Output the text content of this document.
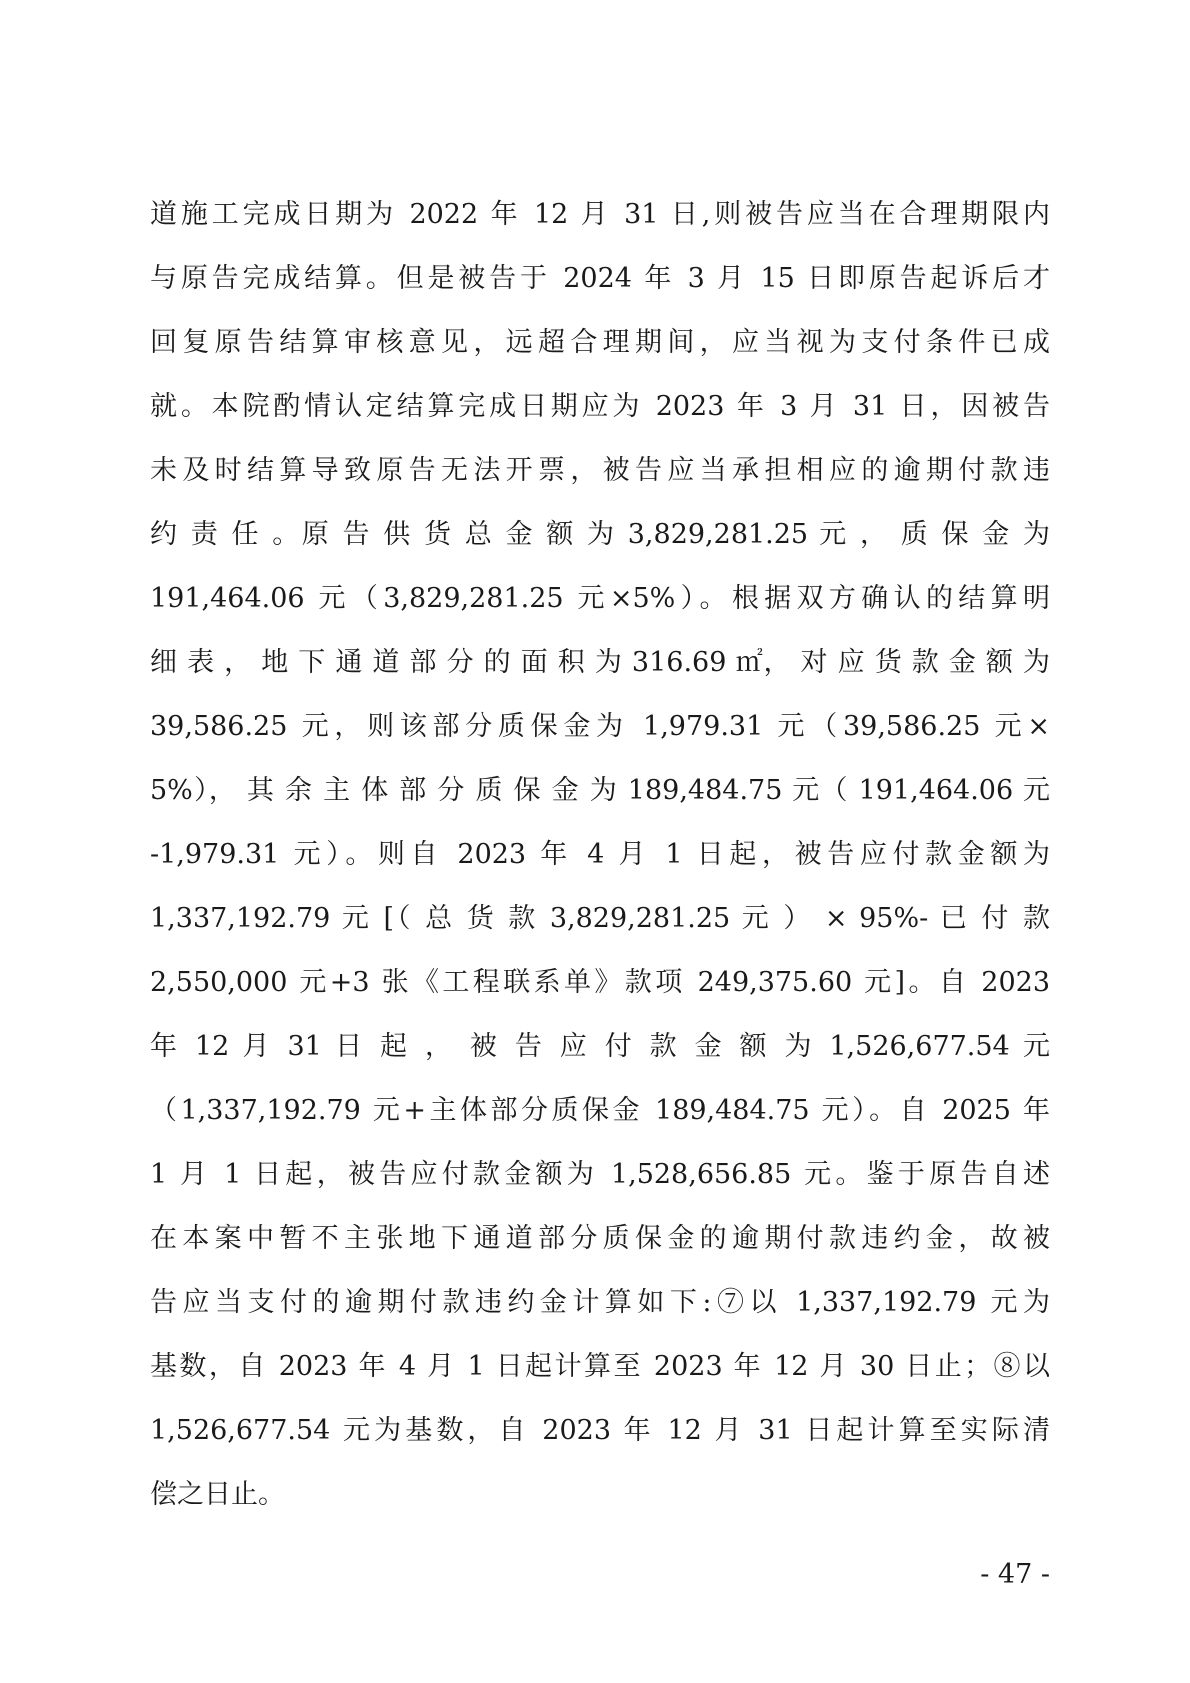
道施工完成日期为 2022 年 12 月 31 日,则被告应当在合理期限内
与原告完成结算。但是被告于 2024 年 3 月 15 日即原告起诉后才
回复原告结算审核意见，远超合理期间，应当视为支付条件已成
就。本院酌情认定结算完成日期应为 2023 年 3 月 31 日，因被告
未及时结算导致原告无法开票，被告应当承担相应的逾期付款违
约 责 任 。原 告 供 货 总 金 额 为 3,829,281.25 元 ， 质 保 金 为
191,464.06 元（3,829,281.25 元×5%）。根据双方确认的结算明
细 表 ， 地 下 通 道 部 分 的 面 积 为 316.69 ㎡， 对 应 货 款 金 额 为
39,586.25 元，则该部分质保金为 1,979.31 元（39,586.25 元×
5%）， 其 余 主 体 部 分 质 保 金 为 189,484.75 元（ 191,464.06 元
-1,979.31 元）。则自 2023 年 4 月 1 日起，被告应付款金额为
1,337,192.79 元 [（ 总 货 款 3,829,281.25 元 ） × 95%- 已 付 款
2,550,000 元+3 张《工程联系单》款项 249,375.60 元]。自 2023
年 12 月 31 日 起 ， 被 告 应 付 款 金 额 为 1,526,677.54 元
（1,337,192.79 元+主体部分质保金 189,484.75 元）。自 2025 年
1 月 1 日起，被告应付款金额为 1,528,656.85 元。鉴于原告自述
在本案中暂不主张地下通道部分质保金的逾期付款违约金，故被
告应当支付的逾期付款违约金计算如下:⑦以 1,337,192.79 元为
基数，自 2023 年 4 月 1 日起计算至 2023 年 12 月 30 日止；⑧以
1,526,677.54 元为基数，自 2023 年 12 月 31 日起计算至实际清
偿之日止。
- 47 -
